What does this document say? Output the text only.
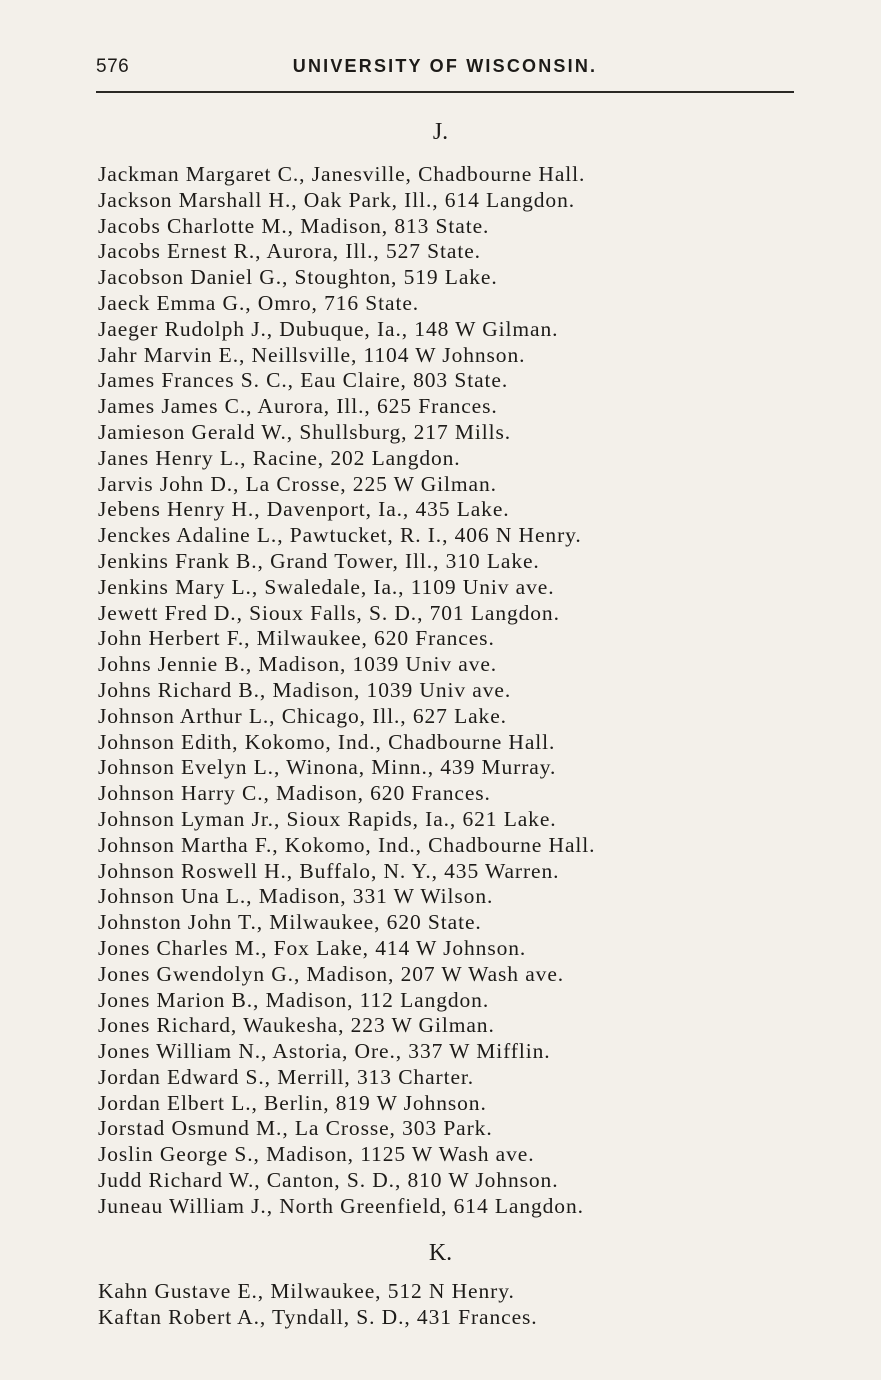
576	UNIVERSITY OF WISCONSIN.
J.
Jackman Margaret C., Janesville, Chadbourne Hall.
Jackson Marshall H., Oak Park, Ill., 614 Langdon.
Jacobs Charlotte M., Madison, 813 State.
Jacobs Ernest R., Aurora, Ill., 527 State.
Jacobson Daniel G., Stoughton, 519 Lake.
Jaeck Emma G., Omro, 716 State.
Jaeger Rudolph J., Dubuque, Ia., 148 W Gilman.
Jahr Marvin E., Neillsville, 1104 W Johnson.
James Frances S. C., Eau Claire, 803 State.
James James C., Aurora, Ill., 625 Frances.
Jamieson Gerald W., Shullsburg, 217 Mills.
Janes Henry L., Racine, 202 Langdon.
Jarvis John D., La Crosse, 225 W Gilman.
Jebens Henry H., Davenport, Ia., 435 Lake.
Jenckes Adaline L., Pawtucket, R. I., 406 N Henry.
Jenkins Frank B., Grand Tower, Ill., 310 Lake.
Jenkins Mary L., Swaledale, Ia., 1109 Univ ave.
Jewett Fred D., Sioux Falls, S. D., 701 Langdon.
John Herbert F., Milwaukee, 620 Frances.
Johns Jennie B., Madison, 1039 Univ ave.
Johns Richard B., Madison, 1039 Univ ave.
Johnson Arthur L., Chicago, Ill., 627 Lake.
Johnson Edith, Kokomo, Ind., Chadbourne Hall.
Johnson Evelyn L., Winona, Minn., 439 Murray.
Johnson Harry C., Madison, 620 Frances.
Johnson Lyman Jr., Sioux Rapids, Ia., 621 Lake.
Johnson Martha F., Kokomo, Ind., Chadbourne Hall.
Johnson Roswell H., Buffalo, N. Y., 435 Warren.
Johnson Una L., Madison, 331 W Wilson.
Johnston John T., Milwaukee, 620 State.
Jones Charles M., Fox Lake, 414 W Johnson.
Jones Gwendolyn G., Madison, 207 W Wash ave.
Jones Marion B., Madison, 112 Langdon.
Jones Richard, Waukesha, 223 W Gilman.
Jones William N., Astoria, Ore., 337 W Mifflin.
Jordan Edward S., Merrill, 313 Charter.
Jordan Elbert L., Berlin, 819 W Johnson.
Jorstad Osmund M., La Crosse, 303 Park.
Joslin George S., Madison, 1125 W Wash ave.
Judd Richard W., Canton, S. D., 810 W Johnson.
Juneau William J., North Greenfield, 614 Langdon.
K.
Kahn Gustave E., Milwaukee, 512 N Henry.
Kaftan Robert A., Tyndall, S. D., 431 Frances.
